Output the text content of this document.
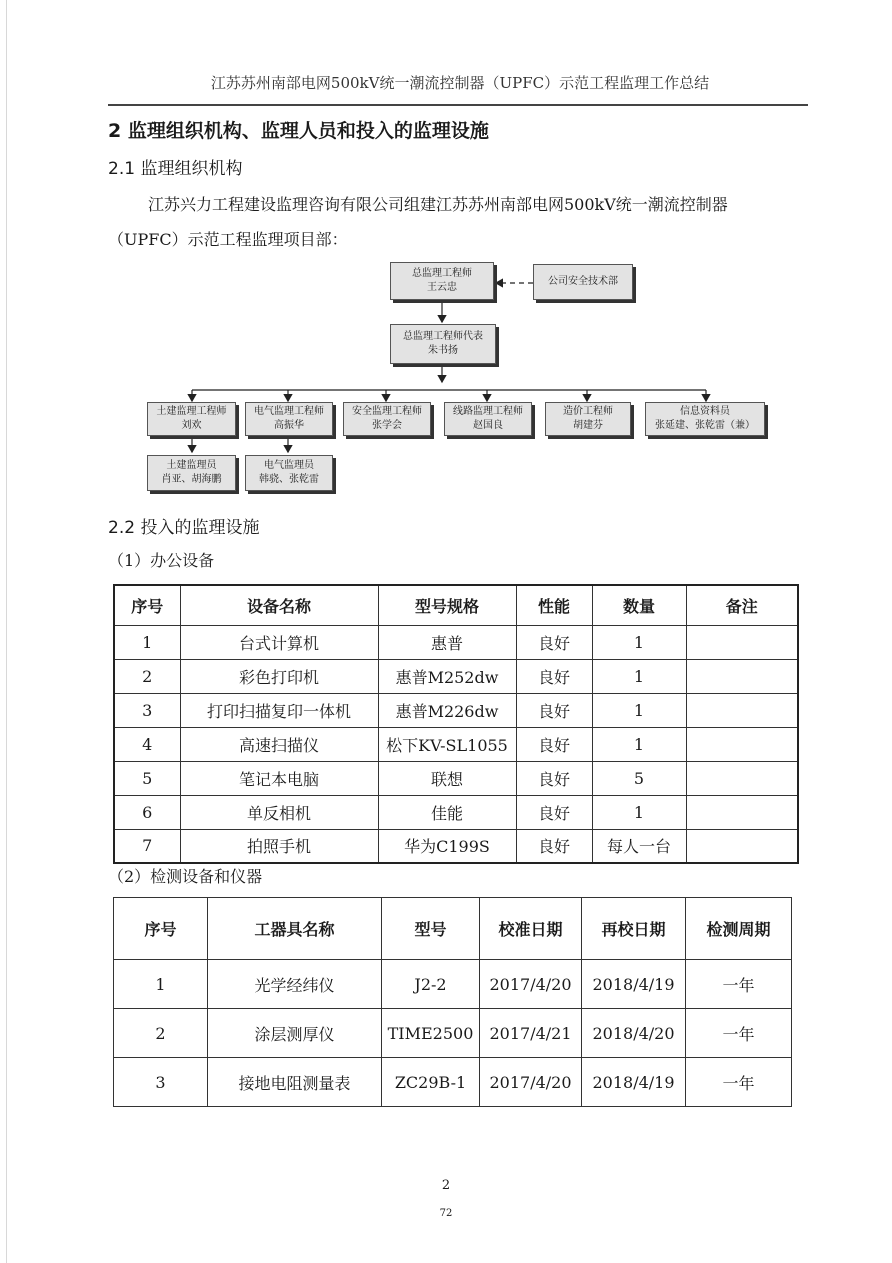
江苏苏州南部电网500kV统一潮流控制器（UPFC）示范工程监理工作总结
2 监理组织机构、监理人员和投入的监理设施
2.1 监理组织机构
江苏兴力工程建设监理咨询有限公司组建江苏苏州南部电网500kV统一潮流控制器
（UPFC）示范工程监理项目部：
总监理工程师
王云忠
公司安全技术部
总监理工程师代表
朱书扬
土建监理工程师
刘欢
电气监理工程师
高振华
安全监理工程师
张学会
线路监理工程师
赵国良
造价工程师
胡建芬
信息资料员
张延建、张乾雷（兼）
土建监理员
肖亚、胡海鹏
电气监理员
韩骁、张乾雷
2.2 投入的监理设施
（1）办公设备
序号	设备名称	型号规格	性能	数量	备注
1	台式计算机	惠普	良好	1	
2	彩色打印机	惠普M252dw	良好	1	
3	打印扫描复印一体机	惠普M226dw	良好	1	
4	高速扫描仪	松下KV-SL1055	良好	1	
5	笔记本电脑	联想	良好	5	
6	单反相机	佳能	良好	1	
7	拍照手机	华为C199S	良好	每人一台	
（2）检测设备和仪器
序号	工器具名称	型号	校准日期	再校日期	检测周期
1	光学经纬仪	J2-2	2017/4/20	2018/4/19	一年
2	涂层测厚仪	TIME2500	2017/4/21	2018/4/20	一年
3	接地电阻测量表	ZC29B-1	2017/4/20	2018/4/19	一年
2
72
